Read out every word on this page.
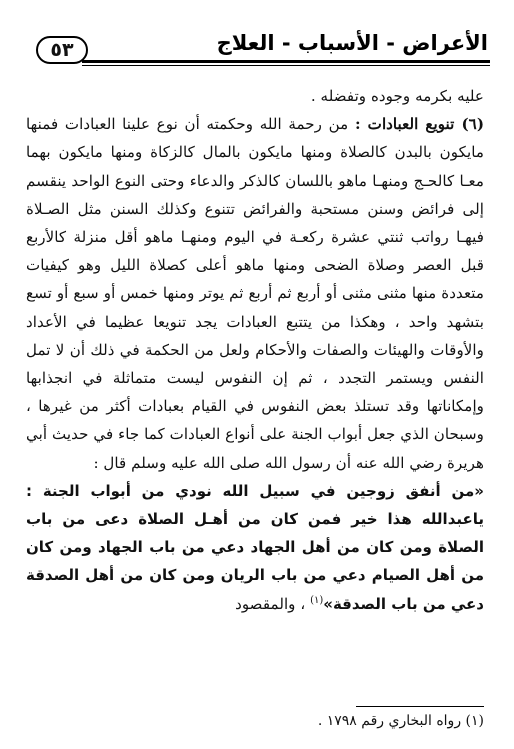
الأعراض - الأسباب - العلاج
٥٣

عليه بكرمه وجوده وتفضله .

(٦) تنويع العبادات : من رحمة الله وحكمته أن نوع علينا العبادات فمنها مايكون بالبدن كالصلاة ومنها مايكون بالمال كالزكاة ومنها مايكون بهما معـا كالحـج ومنهـا ماهو باللسان كالذكر والدعاء وحتى النوع الواحد ينقسم إلى فرائض وسنن مستحبة والفرائض تتنوع وكذلك السنن مثل الصـلاة فيهـا رواتب ثنتي عشرة ركعـة في اليوم ومنهـا ماهو أقل منزلة كالأربع قبل العصر وصلاة الضحى ومنها ماهو أعلى كصلاة الليل وهو كيفيات متعددة منها مثنى مثنى أو أربع ثم أربع ثم يوتر ومنها خمس أو سبع أو تسع بتشهد واحد ، وهكذا من يتتبع العبادات يجد تنويعا عظيما في الأعداد والأوقات والهيئات والصفات والأحكام ولعل من الحكمة في ذلك أن لا تمل النفس ويستمر التجدد ، ثم إن النفوس ليست متماثلة في انجذابها وإمكاناتها وقد تستلذ بعض النفوس في القيام بعبادات أكثر من غيرها ، وسبحان الذي جعل أبواب الجنة على أنواع العبادات كما جاء في حديث أبي هريرة رضي الله عنه أن رسول الله صلى الله عليه وسلم قال :

«من أنفق زوجين في سبيل الله نودي من أبواب الجنة : ياعبدالله هذا خير فمن كان من أهـل الصلاة دعى من باب الصلاة ومن كان من أهل الجهاد دعي من باب الجهاد ومن كان من أهل الصيام دعي من باب الريان ومن كان من أهل الصدقة دعي من باب الصدقة»$^{(١)}$ ، والمقصود

(١) رواه البخاري رقم ١٧٩٨ .
